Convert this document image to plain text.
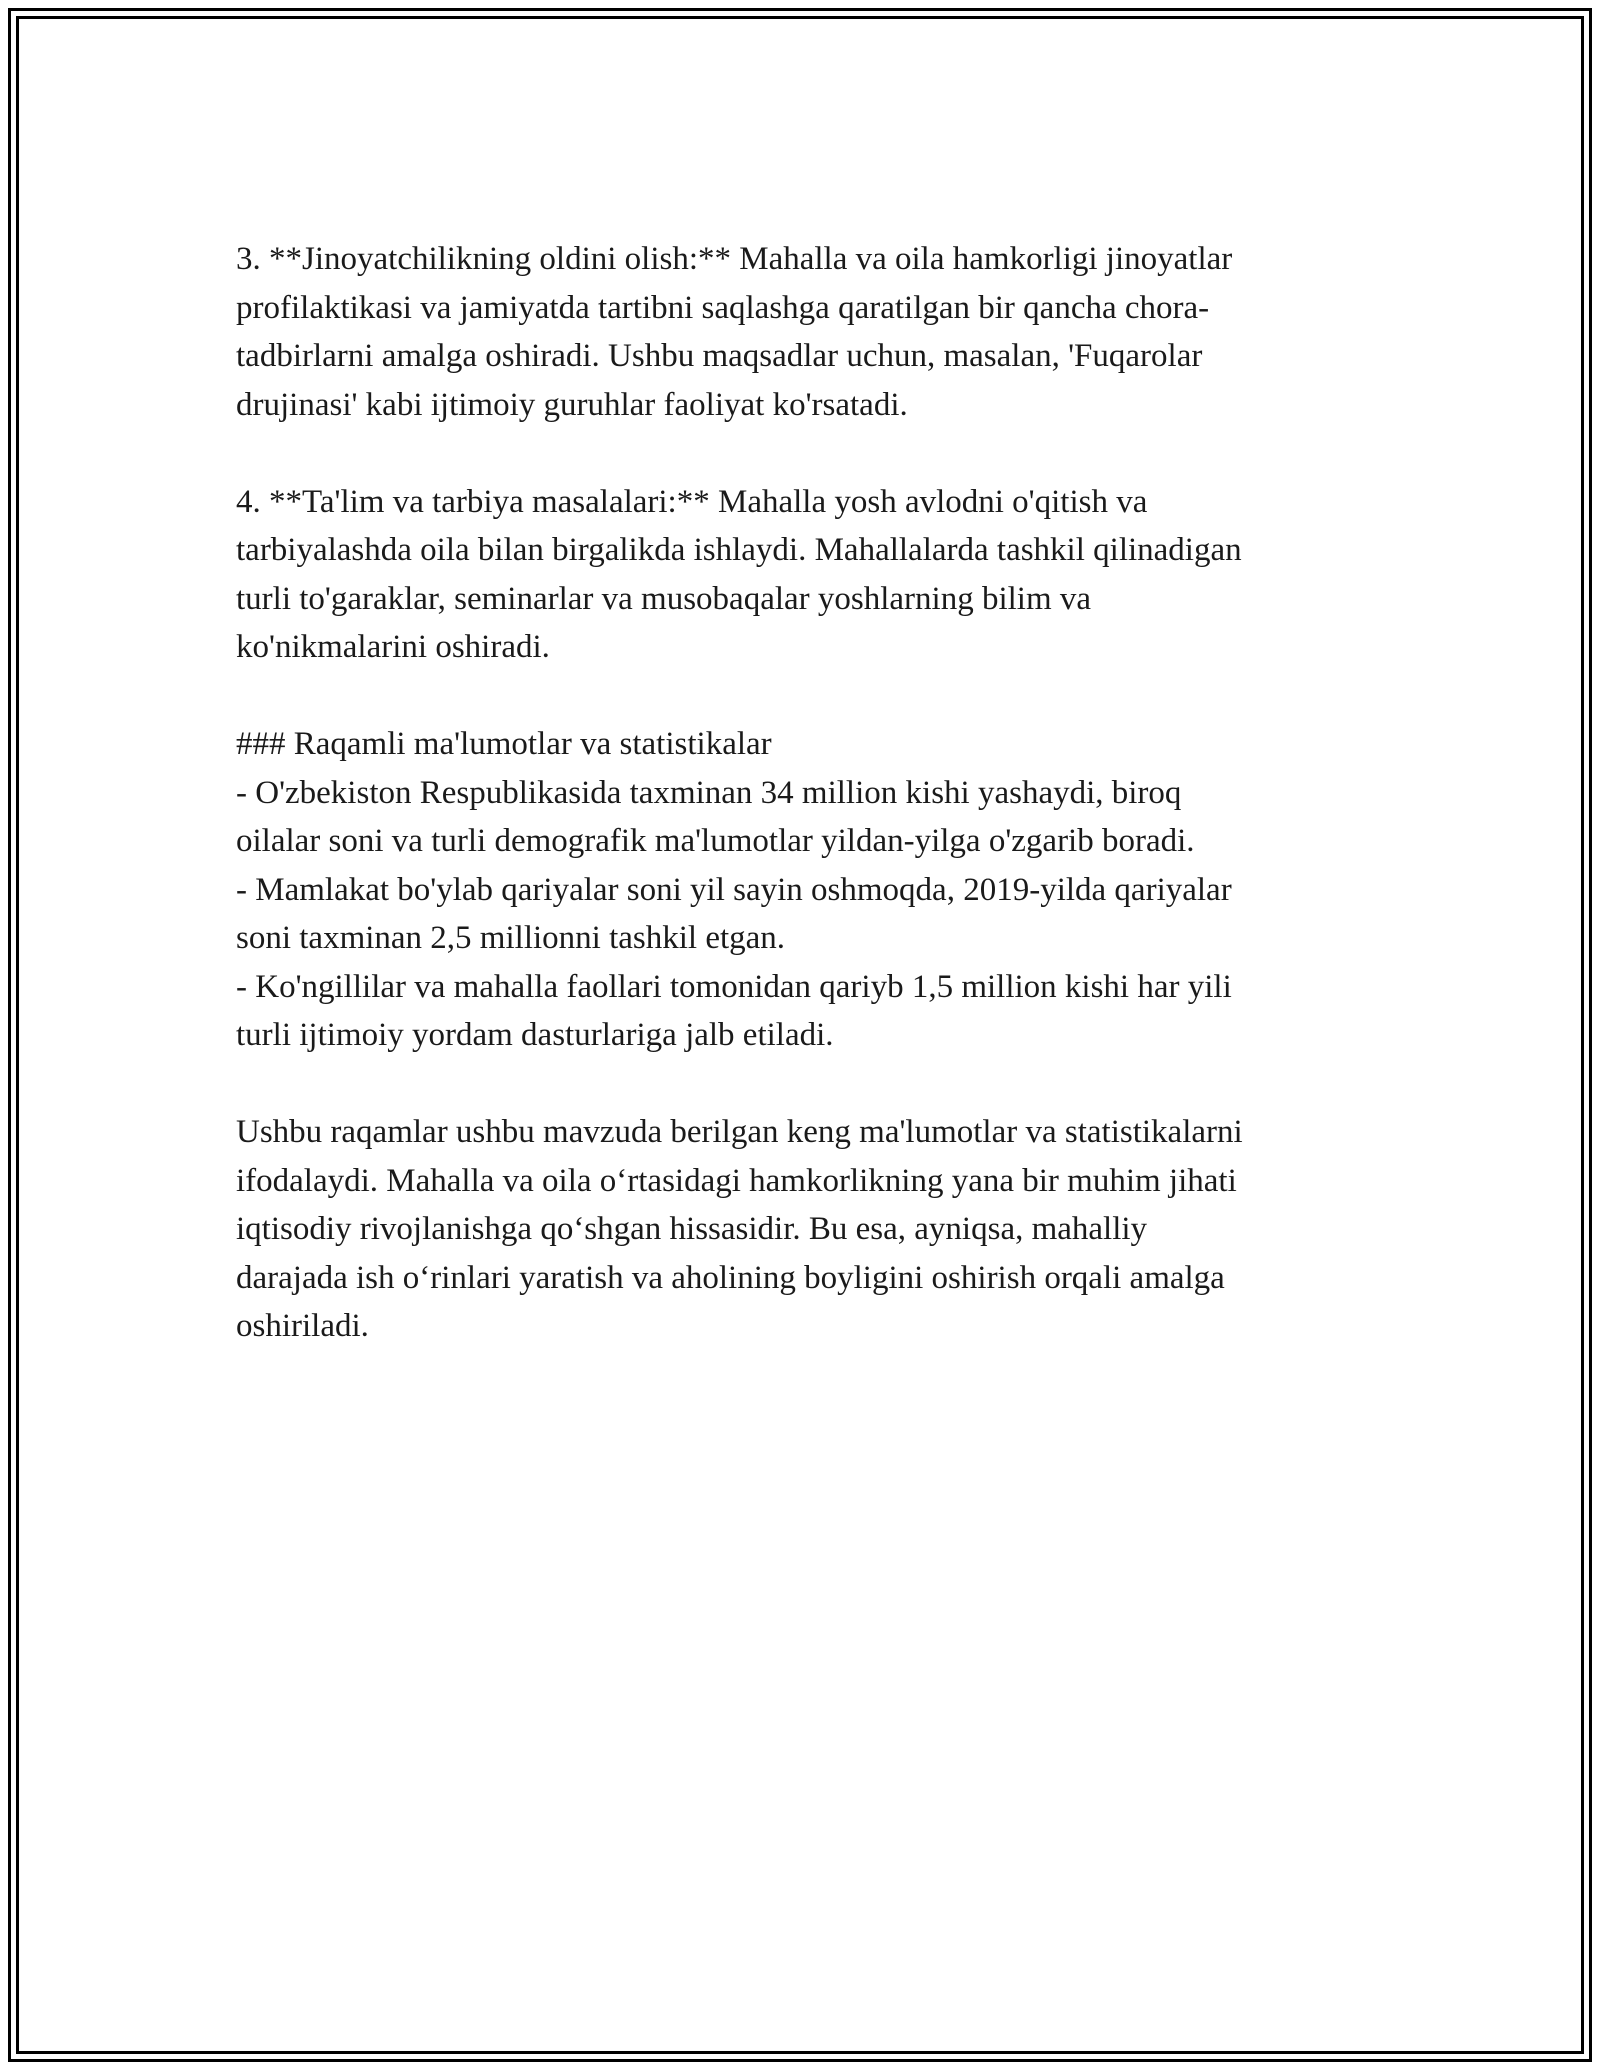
3. **Jinoyatchilikning oldini olish:** Mahalla va oila hamkorligi jinoyatlar
profilaktikasi va jamiyatda tartibni saqlashga qaratilgan bir qancha chora-
tadbirlarni amalga oshiradi. Ushbu maqsadlar uchun, masalan, 'Fuqarolar
drujinasi' kabi ijtimoiy guruhlar faoliyat ko'rsatadi.
4. **Ta'lim va tarbiya masalalari:** Mahalla yosh avlodni o'qitish va
tarbiyalashda oila bilan birgalikda ishlaydi. Mahallalarda tashkil qilinadigan
turli to'garaklar, seminarlar va musobaqalar yoshlarning bilim va
ko'nikmalarini oshiradi.
### Raqamli ma'lumotlar va statistikalar
- O'zbekiston Respublikasida taxminan 34 million kishi yashaydi, biroq
oilalar soni va turli demografik ma'lumotlar yildan-yilga o'zgarib boradi.
- Mamlakat bo'ylab qariyalar soni yil sayin oshmoqda, 2019-yilda qariyalar
soni taxminan 2,5 millionni tashkil etgan.
- Ko'ngillilar va mahalla faollari tomonidan qariyb 1,5 million kishi har yili
turli ijtimoiy yordam dasturlariga jalb etiladi.
Ushbu raqamlar ushbu mavzuda berilgan keng ma'lumotlar va statistikalarni
ifodalaydi. Mahalla va oila oʻrtasidagi hamkorlikning yana bir muhim jihati
iqtisodiy rivojlanishga qoʻshgan hissasidir. Bu esa, ayniqsa, mahalliy
darajada ish oʻrinlari yaratish va aholining boyligini oshirish orqali amalga
oshiriladi.
